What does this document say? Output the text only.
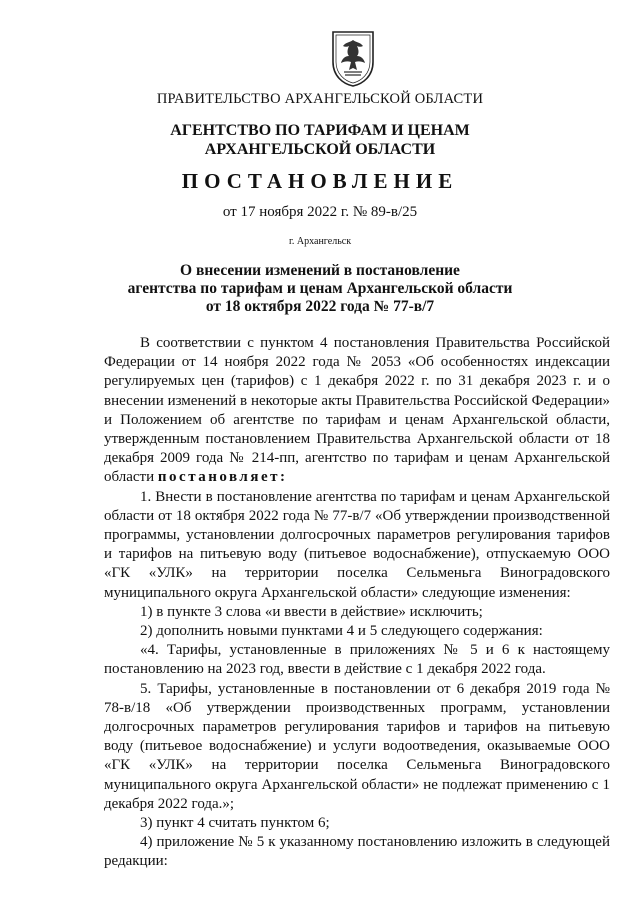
ПРАВИТЕЛЬСТВО АРХАНГЕЛЬСКОЙ ОБЛАСТИ
АГЕНТСТВО ПО ТАРИФАМ И ЦЕНАМ
АРХАНГЕЛЬСКОЙ ОБЛАСТИ
ПОСТАНОВЛЕНИЕ
от 17 ноября 2022 г. № 89-в/25
г. Архангельск
О внесении изменений в постановление
агентства по тарифам и ценам Архангельской области
от 18 октября 2022 года № 77-в/7

В соответствии с пунктом 4 постановления Правительства Российской Федерации от 14 ноября 2022 года № 2053 «Об особенностях индексации регулируемых цен (тарифов) с 1 декабря 2022 г. по 31 декабря 2023 г. и о внесении изменений в некоторые акты Правительства Российской Федерации» и Положением об агентстве по тарифам и ценам Архангельской области, утвержденным постановлением Правительства Архангельской области от 18 декабря 2009 года № 214-пп, агентство по тарифам и ценам Архангельской области постановляет:

1. Внести в постановление агентства по тарифам и ценам Архангельской области от 18 октября 2022 года № 77-в/7 «Об утверждении производственной программы, установлении долгосрочных параметров регулирования тарифов и тарифов на питьевую воду (питьевое водоснабжение), отпускаемую ООО «ГК «УЛК» на территории поселка Сельменьга Виноградовского муниципального округа Архангельской области» следующие изменения:

1) в пункте 3 слова «и ввести в действие» исключить;

2) дополнить новыми пунктами 4 и 5 следующего содержания:

«4. Тарифы, установленные в приложениях № 5 и 6 к настоящему постановлению на 2023 год, ввести в действие с 1 декабря 2022 года.

5. Тарифы, установленные в постановлении от 6 декабря 2019 года № 78-в/18 «Об утверждении производственных программ, установлении долгосрочных параметров регулирования тарифов и тарифов на питьевую воду (питьевое водоснабжение) и услуги водоотведения, оказываемые ООО «ГК «УЛК» на территории поселка Сельменьга Виноградовского муниципального округа Архангельской области» не подлежат применению с 1 декабря 2022 года.»;

3) пункт 4 считать пунктом 6;

4) приложение № 5 к указанному постановлению изложить в следующей редакции:
